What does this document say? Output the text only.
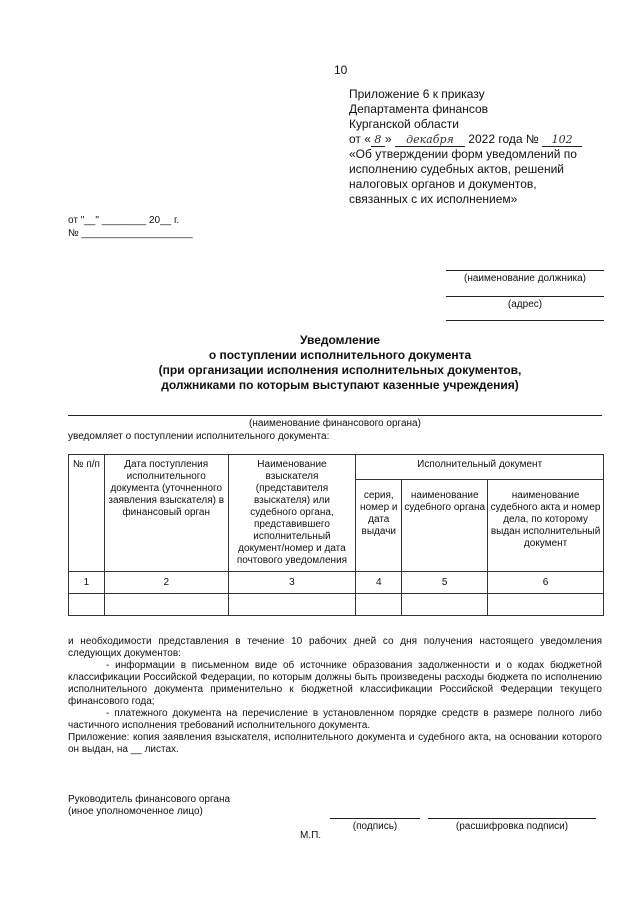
10
Приложение 6 к приказу
Департамента финансов
Курганской области
от « 8 » декабря 2022 года № 102
«Об утверждении форм уведомлений по
исполнению судебных актов, решений
налоговых органов и документов,
связанных с их исполнением»
от "__" ________ 20__ г.
№ ____________________
(наименование должника)
(адрес)
Уведомление
о поступлении исполнительного документа
(при организации исполнения исполнительных документов,
должниками по которым выступают казенные учреждения)
(наименование финансового органа)
уведомляет о поступлении исполнительного документа:
№ п/п	Дата поступления исполнительного документа (уточненного заявления взыскателя) в финансовый орган	Наименование взыскателя (представителя взыскателя) или судебного органа, представившего исполнительный документ/номер и дата почтового уведомления	Исполнительный документ		
			серия, номер и дата выдачи	наименование судебного органа	наименование судебного акта и номер дела, по которому выдан исполнительный документ
1	2	3	4	5	6

и необходимости представления в течение 10 рабочих дней со дня получения настоящего уведомления следующих документов:

- информации в письменном виде об источнике образования задолженности и о кодах бюджетной классификации Российской Федерации, по которым должны быть произведены расходы бюджета по исполнению исполнительного документа применительно к бюджетной классификации Российской Федерации текущего финансового года;

- платежного документа на перечисление в установленном порядке средств в размере полного либо частичного исполнения требований исполнительного документа.

Приложение: копия заявления взыскателя, исполнительного документа и судебного акта, на основании которого он выдан, на __ листах.

Руководитель финансового органа
(иное уполномоченное лицо)
(подпись)	(расшифровка подписи)
М.П.
